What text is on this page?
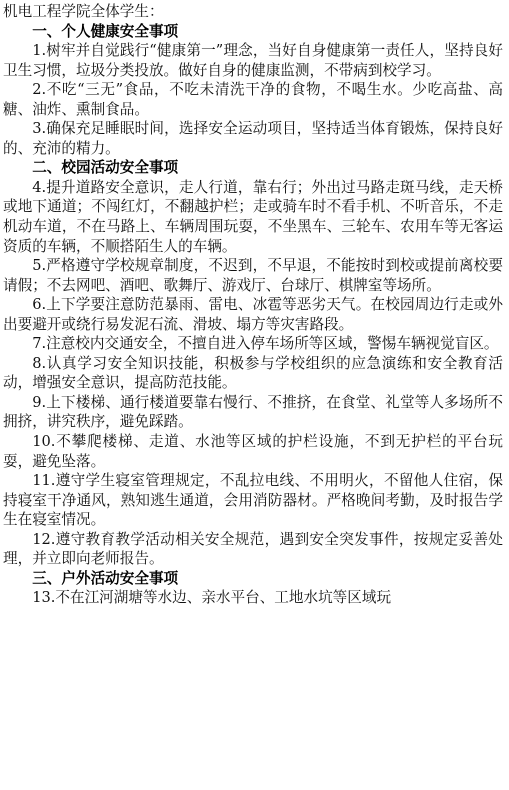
机电工程学院全体学生：

一、个人健康安全事项

1.树牢并自觉践行“健康第一”理念，当好自身健康第一责任人，坚持良好卫生习惯，垃圾分类投放。做好自身的健康监测，不带病到校学习。

2.不吃“三无”食品，不吃未清洗干净的食物，不喝生水。少吃高盐、高糖、油炸、熏制食品。

3.确保充足睡眠时间，选择安全运动项目，坚持适当体育锻炼，保持良好的、充沛的精力。

二、校园活动安全事项

4.提升道路安全意识，走人行道，靠右行；外出过马路走斑马线，走天桥或地下通道；不闯红灯，不翻越护栏；走或骑车时不看手机、不听音乐，不走机动车道，不在马路上、车辆周围玩耍，不坐黑车、三轮车、农用车等无客运资质的车辆，不顺搭陌生人的车辆。

5.严格遵守学校规章制度，不迟到，不早退，不能按时到校或提前离校要请假；不去网吧、酒吧、歌舞厅、游戏厅、台球厅、棋牌室等场所。

6.上下学要注意防范暴雨、雷电、冰雹等恶劣天气。在校园周边行走或外出要避开或绕行易发泥石流、滑坡、塌方等灾害路段。

7.注意校内交通安全，不擅自进入停车场所等区域，警惕车辆视觉盲区。

8.认真学习安全知识技能，积极参与学校组织的应急演练和安全教育活动，增强安全意识，提高防范技能。

9.上下楼梯、通行楼道要靠右慢行、不推挤，在食堂、礼堂等人多场所不拥挤，讲究秩序，避免踩踏。

10.不攀爬楼梯、走道、水池等区域的护栏设施，不到无护栏的平台玩耍，避免坠落。

11.遵守学生寝室管理规定，不乱拉电线、不用明火，不留他人住宿，保持寝室干净通风，熟知逃生通道，会用消防器材。严格晚间考勤，及时报告学生在寝室情况。

12.遵守教育教学活动相关安全规范，遇到安全突发事件，按规定妥善处理，并立即向老师报告。

三、户外活动安全事项

13.不在江河湖塘等水边、亲水平台、工地水坑等区域玩
